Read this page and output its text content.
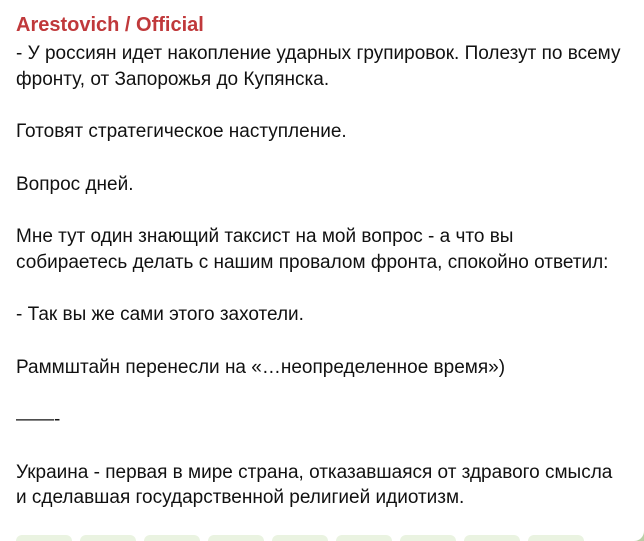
Arestovich / Official

- У россиян идет накопление ударных групировок. Полезут по всему фронту, от Запорожья до Купянска.

Готовят стратегическое наступление.

Вопрос дней.

Мне тут один знающий таксист на мой вопрос - а что вы собираетесь делать с нашим провалом фронта, спокойно ответил:

- Так вы же сами этого захотели.

Раммштайн перенесли на «…неопределенное время»)

——-

Украина - первая в мире страна, отказавшаяся от здравого смысла и сделавшая государственной религией идиотизм.
